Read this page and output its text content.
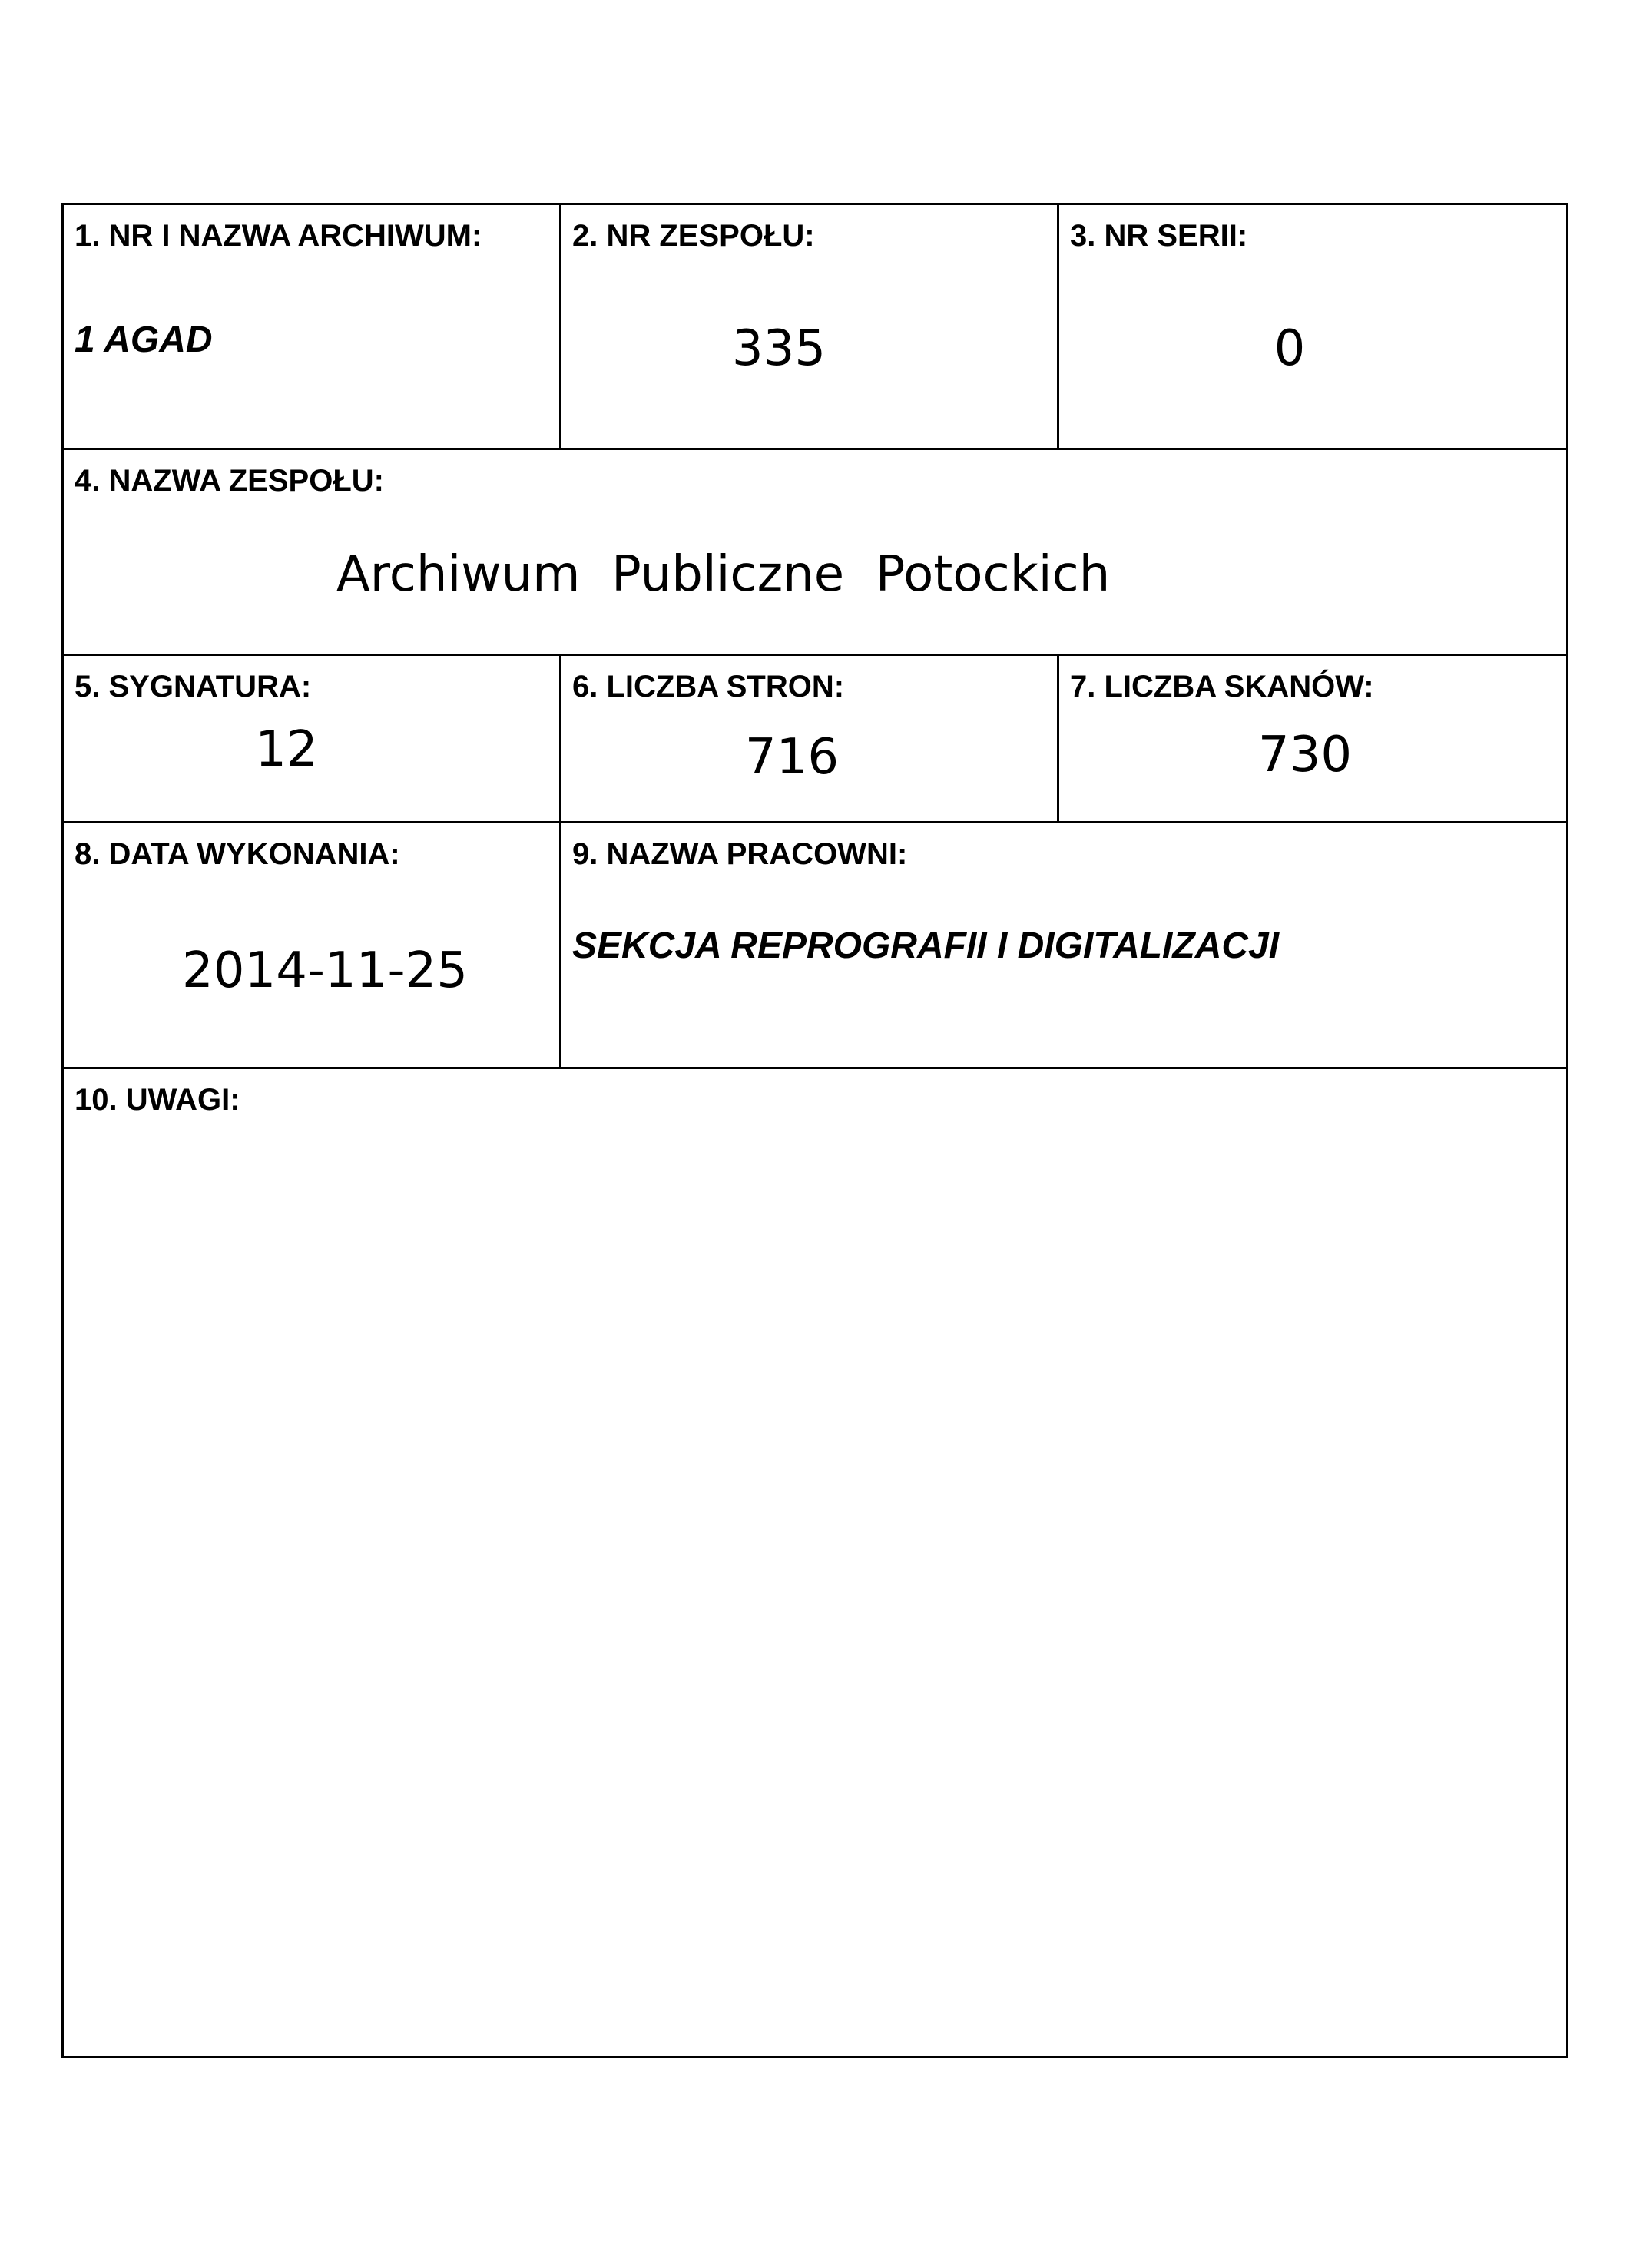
1. NR I NAZWA ARCHIWUM:
1 AGAD
2. NR ZESPOŁU:
335
3. NR SERII:
0
4. NAZWA ZESPOŁU:
Archiwum  Publiczne  Potockich
5. SYGNATURA:
12
6. LICZBA STRON:
716
7. LICZBA SKANÓW:
730
8. DATA WYKONANIA:
2014-11-25
9. NAZWA PRACOWNI:
SEKCJA REPROGRAFII I DIGITALIZACJI
10. UWAGI:
